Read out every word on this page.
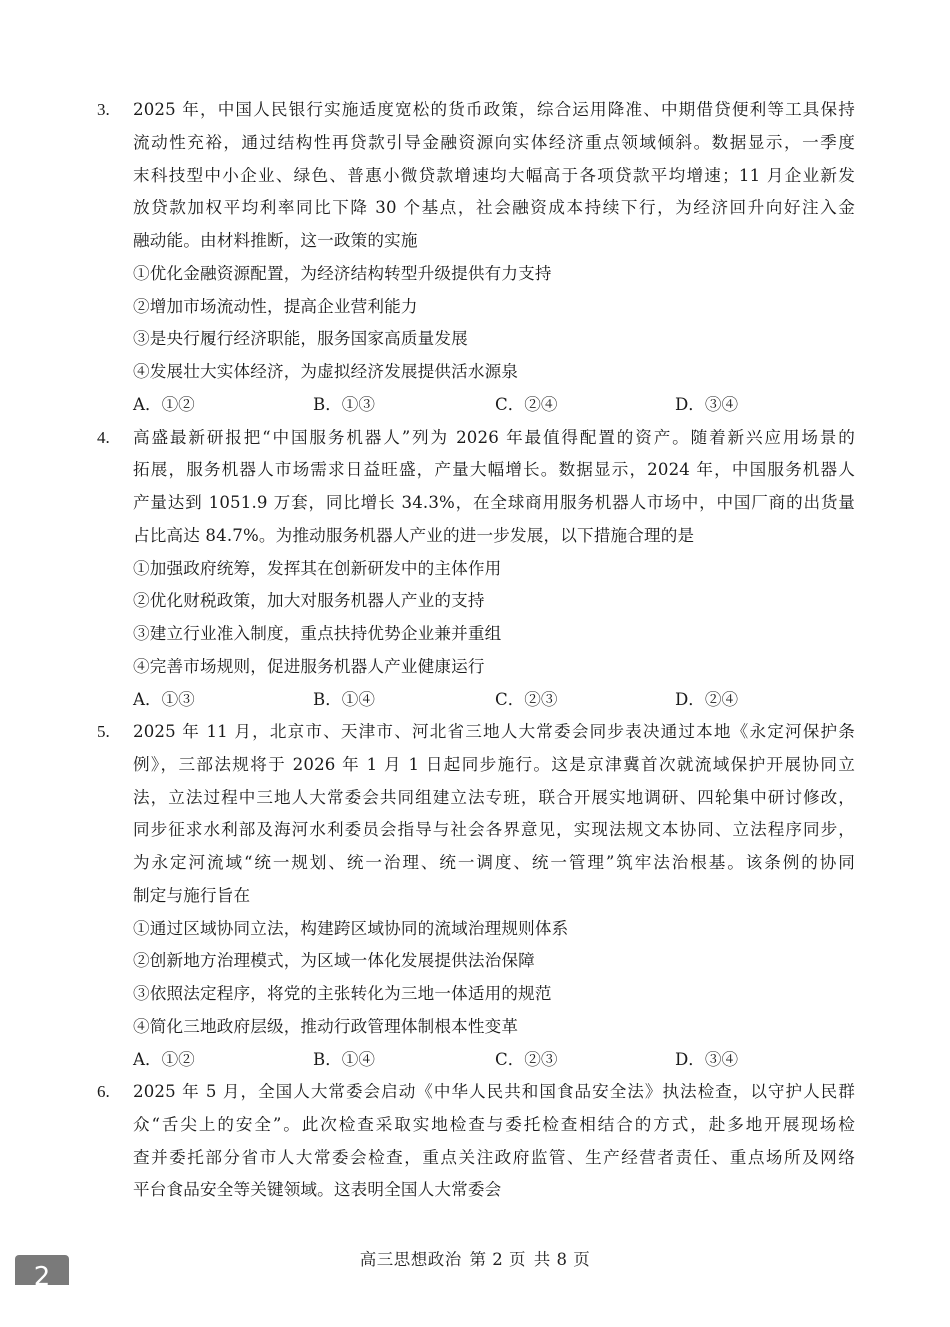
3. 2025 年，中国人民银行实施适度宽松的货币政策，综合运用降准、中期借贷便利等工具保持
流动性充裕，通过结构性再贷款引导金融资源向实体经济重点领域倾斜。数据显示，一季度
末科技型中小企业、绿色、普惠小微贷款增速均大幅高于各项贷款平均增速；11 月企业新发
放贷款加权平均利率同比下降 30 个基点，社会融资成本持续下行，为经济回升向好注入金
融动能。由材料推断，这一政策的实施
①优化金融资源配置，为经济结构转型升级提供有力支持
②增加市场流动性，提高企业营利能力
③是央行履行经济职能，服务国家高质量发展
④发展壮大实体经济，为虚拟经济发展提供活水源泉
A．①②	B．①③	C．②④	D．③④
4. 高盛最新研报把“中国服务机器人”列为 2026 年最值得配置的资产。随着新兴应用场景的
拓展，服务机器人市场需求日益旺盛，产量大幅增长。数据显示，2024 年，中国服务机器人
产量达到 1051.9 万套，同比增长 34.3%，在全球商用服务机器人市场中，中国厂商的出货量
占比高达 84.7%。为推动服务机器人产业的进一步发展，以下措施合理的是
①加强政府统筹，发挥其在创新研发中的主体作用
②优化财税政策，加大对服务机器人产业的支持
③建立行业准入制度，重点扶持优势企业兼并重组
④完善市场规则，促进服务机器人产业健康运行
A．①③	B．①④	C．②③	D．②④
5. 2025 年 11 月，北京市、天津市、河北省三地人大常委会同步表决通过本地《永定河保护条
例》，三部法规将于 2026 年 1 月 1 日起同步施行。这是京津冀首次就流域保护开展协同立
法，立法过程中三地人大常委会共同组建立法专班，联合开展实地调研、四轮集中研讨修改，
同步征求水利部及海河水利委员会指导与社会各界意见，实现法规文本协同、立法程序同步，
为永定河流域“统一规划、统一治理、统一调度、统一管理”筑牢法治根基。该条例的协同
制定与施行旨在
①通过区域协同立法，构建跨区域协同的流域治理规则体系
②创新地方治理模式，为区域一体化发展提供法治保障
③依照法定程序，将党的主张转化为三地一体适用的规范
④简化三地政府层级，推动行政管理体制根本性变革
A．①②	B．①④	C．②③	D．③④
6. 2025 年 5 月，全国人大常委会启动《中华人民共和国食品安全法》执法检查，以守护人民群
众“舌尖上的安全”。此次检查采取实地检查与委托检查相结合的方式，赴多地开展现场检
查并委托部分省市人大常委会检查，重点关注政府监管、生产经营者责任、重点场所及网络
平台食品安全等关键领域。这表明全国人大常委会
高三思想政治 第 2 页 共 8 页
2
